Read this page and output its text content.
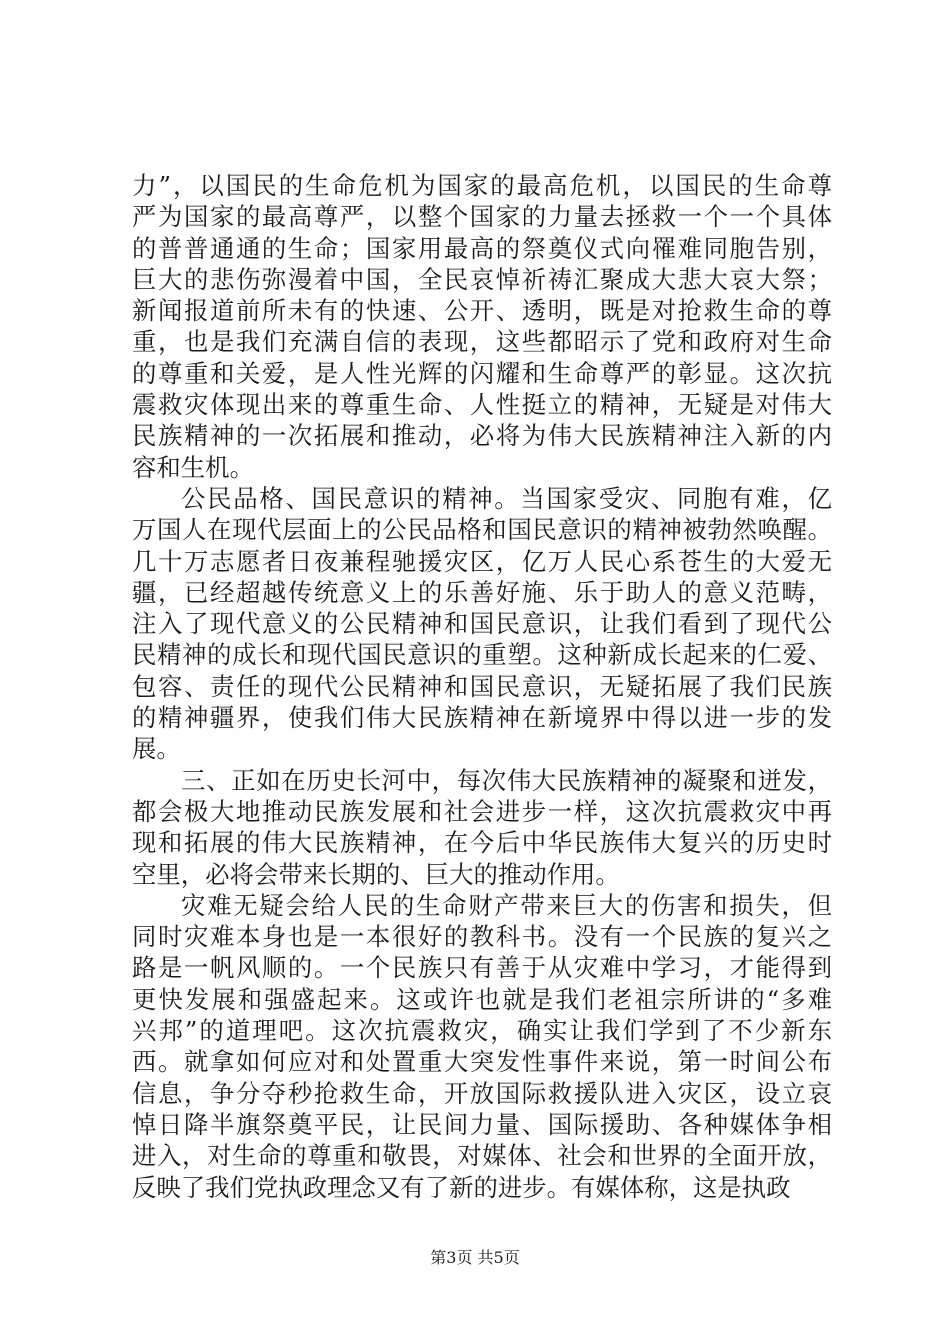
力”，以国民的生命危机为国家的最高危机，以国民的生命尊
严为国家的最高尊严，以整个国家的力量去拯救一个一个具体
的普普通通的生命；国家用最高的祭奠仪式向罹难同胞告别，
巨大的悲伤弥漫着中国，全民哀悼祈祷汇聚成大悲大哀大祭；
新闻报道前所未有的快速、公开、透明，既是对抢救生命的尊
重，也是我们充满自信的表现，这些都昭示了党和政府对生命
的尊重和关爱，是人性光辉的闪耀和生命尊严的彰显。这次抗
震救灾体现出来的尊重生命、人性挺立的精神，无疑是对伟大
民族精神的一次拓展和推动，必将为伟大民族精神注入新的内
容和生机。
公民品格、国民意识的精神。当国家受灾、同胞有难，亿
万国人在现代层面上的公民品格和国民意识的精神被勃然唤醒。
几十万志愿者日夜兼程驰援灾区，亿万人民心系苍生的大爱无
疆，已经超越传统意义上的乐善好施、乐于助人的意义范畴，
注入了现代意义的公民精神和国民意识，让我们看到了现代公
民精神的成长和现代国民意识的重塑。这种新成长起来的仁爱、
包容、责任的现代公民精神和国民意识，无疑拓展了我们民族
的精神疆界，使我们伟大民族精神在新境界中得以进一步的发
展。
三、正如在历史长河中，每次伟大民族精神的凝聚和迸发，
都会极大地推动民族发展和社会进步一样，这次抗震救灾中再
现和拓展的伟大民族精神，在今后中华民族伟大复兴的历史时
空里，必将会带来长期的、巨大的推动作用。
灾难无疑会给人民的生命财产带来巨大的伤害和损失，但
同时灾难本身也是一本很好的教科书。没有一个民族的复兴之
路是一帆风顺的。一个民族只有善于从灾难中学习，才能得到
更快发展和强盛起来。这或许也就是我们老祖宗所讲的“多难
兴邦”的道理吧。这次抗震救灾，确实让我们学到了不少新东
西。就拿如何应对和处置重大突发性事件来说，第一时间公布
信息，争分夺秒抢救生命，开放国际救援队进入灾区，设立哀
悼日降半旗祭奠平民，让民间力量、国际援助、各种媒体争相
进入，对生命的尊重和敬畏，对媒体、社会和世界的全面开放，
反映了我们党执政理念又有了新的进步。有媒体称，这是执政
第3页 共5页
